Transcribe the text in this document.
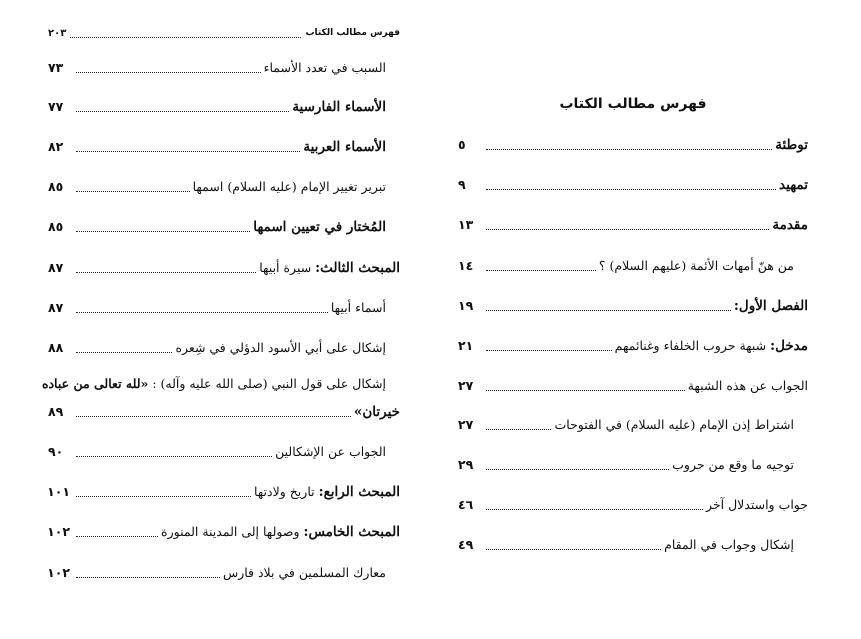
فهرس مطالب الكتاب
٢٠٣
السبب في تعدد الأسماء
٧٣
الأسماء الفارسية
٧٧
الأسماء العربية
٨٢
تبرير تغيير الإمام (عليه السلام) اسمها
٨٥
المُختار في تعيين اسمها
٨٥
المبحث الثالث: سيرة أبيها
٨٧
أسماء أبيها
٨٧
إشكال على أبي الأسود الدؤلي في شِعره
٨٨
إشكال على قول النبي (صلى الله عليه وآله) : «لله تعالى من عباده
خيرتان»
٨٩
الجواب عن الإشكالين
٩٠
المبحث الرابع: تاريخ ولادتها
١٠١
المبحث الخامس: وصولها إلى المدينة المنورة
١٠٢
معارك المسلمين في بلاد فارس
١٠٢
فهرس مطالب الكتاب
توطئة
٥
تمهيد
٩
مقدمة
١٣
من هنّ أمهات الأئمة (عليهم السلام) ؟
١٤
الفصل الأول:
١٩
مدخل: شبهة حروب الخلفاء وغنائمهم
٢١
الجواب عن هذه الشبهة
٢٧
اشتراط إذن الإمام (عليه السلام) في الفتوحات
٢٧
توجيه ما وقع من حروب
٢٩
جواب واستدلال آخر
٤٦
إشكال وجواب في المقام
٤٩
